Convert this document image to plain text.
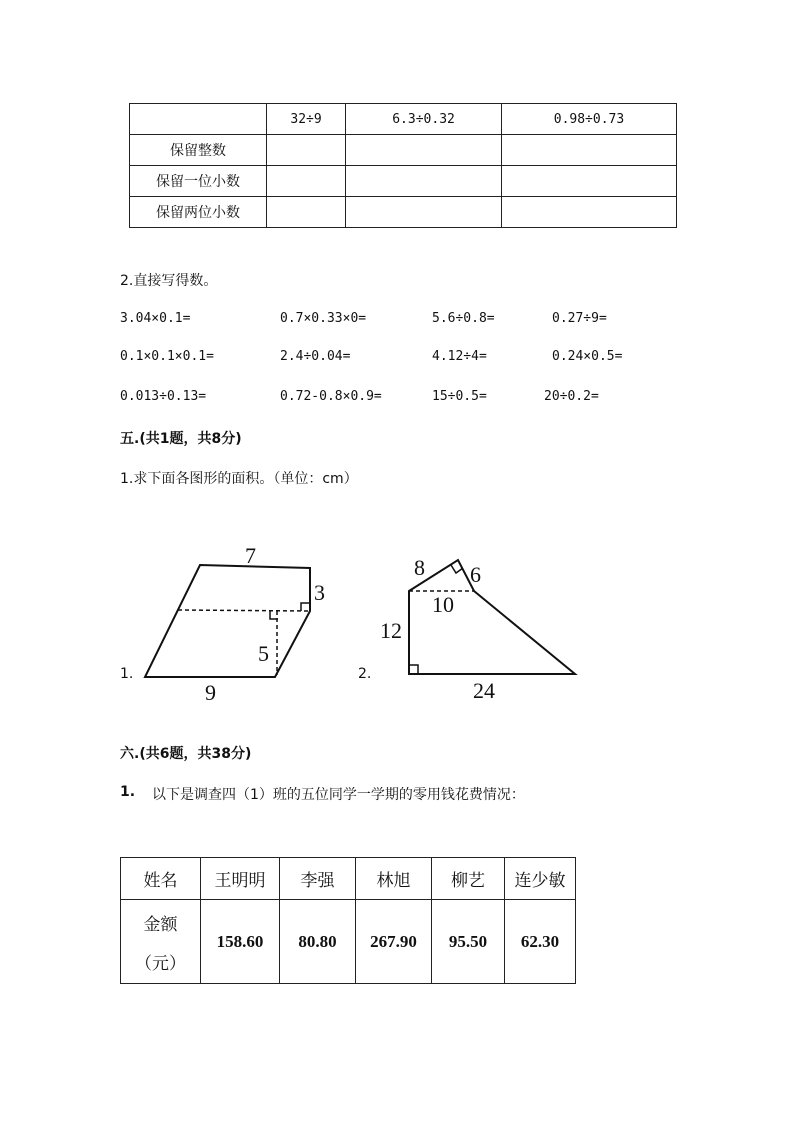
	32÷9	6.3÷0.32	0.98÷0.73
保留整数			
保留一位小数			
保留两位小数			
2.直接写得数。
3.04×0.1=	0.7×0.33×0=	5.6÷0.8=	0.27÷9=
0.1×0.1×0.1=	2.4÷0.04=	4.12÷4=	0.24×0.5=
0.013÷0.13=	0.72-0.8×0.9=	15÷0.5=	20÷0.2=
五.(共1题，共8分)
1.求下面各图形的面积。（单位：cm）
1.
7
3
5
9
2.
8 6
10
12
24
六.(共6题，共38分)
1. 以下是调查四（1）班的五位同学一学期的零用钱花费情况：
姓名	王明明	李强	林旭	柳艺	连少敏

金额
（元）	158.60	80.80	267.90	95.50	62.30
